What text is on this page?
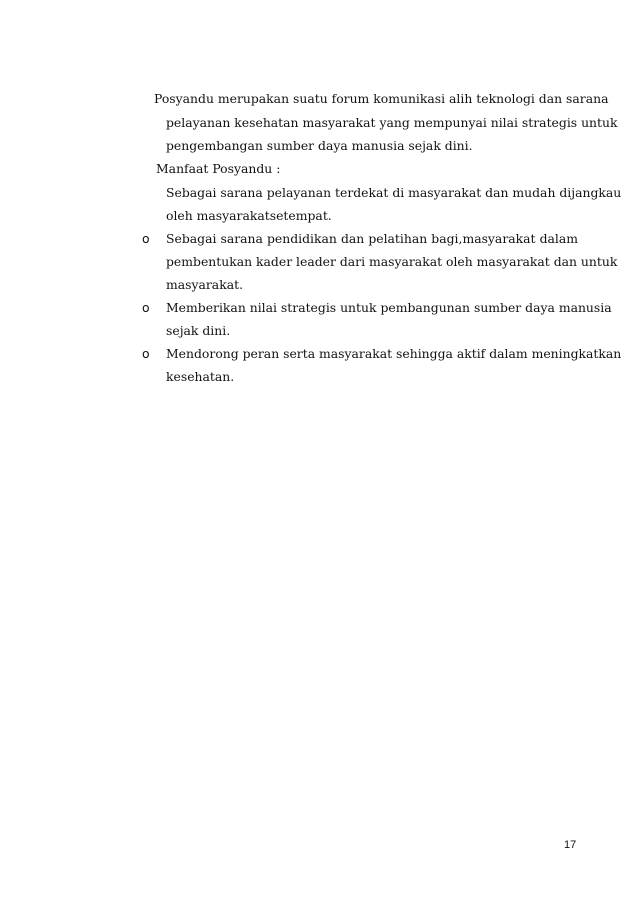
Posyandu merupakan suatu forum komunikasi alih teknologi dan sarana
pelayanan kesehatan masyarakat yang mempunyai nilai strategis untuk
pengembangan sumber daya manusia sejak dini.
Manfaat Posyandu :
Sebagai sarana pelayanan terdekat di masyarakat dan mudah dijangkau
oleh masyarakatsetempat.
o Sebagai sarana pendidikan dan pelatihan bagi,masyarakat dalam
pembentukan kader leader dari masyarakat oleh masyarakat dan untuk
masyarakat.
o Memberikan nilai strategis untuk pembangunan sumber daya manusia
sejak dini.
o Mendorong peran serta masyarakat sehingga aktif dalam meningkatkan
kesehatan.
17
